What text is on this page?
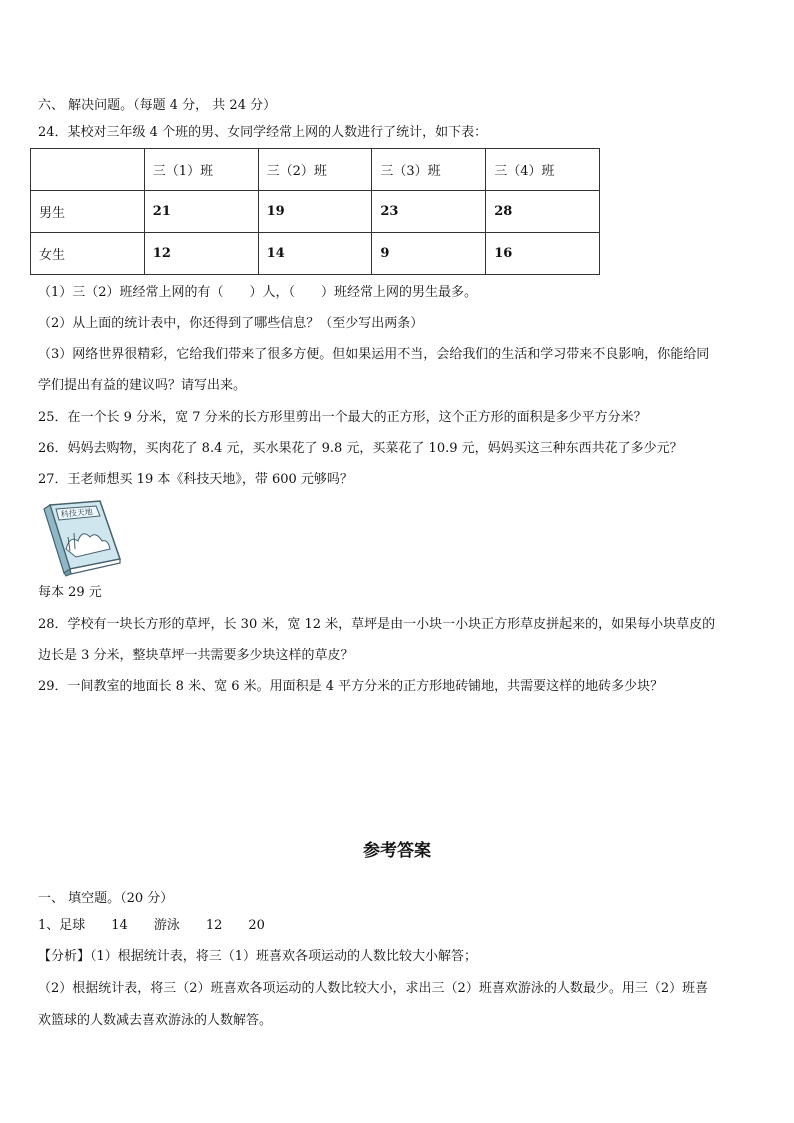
六、 解决问题。（每题 4 分， 共 24 分）
24．某校对三年级 4 个班的男、女同学经常上网的人数进行了统计，如下表：
	三（1）班	三（2）班	三（3）班	三（4）班
男生	21	19	23	28
女生	12	14	9	16
（1）三（2）班经常上网的有（　　）人，（　　）班经常上网的男生最多。
（2）从上面的统计表中，你还得到了哪些信息？（至少写出两条）
（3）网络世界很精彩，它给我们带来了很多方便。但如果运用不当，会给我们的生活和学习带来不良影响，你能给同
学们提出有益的建议吗？请写出来。
25．在一个长 9 分米，宽 7 分米的长方形里剪出一个最大的正方形，这个正方形的面积是多少平方分米？
26．妈妈去购物，买肉花了 8.4 元，买水果花了 9.8 元，买菜花了 10.9 元，妈妈买这三种东西共花了多少元？
27．王老师想买 19 本《科技天地》，带 600 元够吗？
科技天地
每本 29 元
28．学校有一块长方形的草坪，长 30 米，宽 12 米，草坪是由一小块一小块正方形草皮拼起来的，如果每小块草皮的
边长是 3 分米，整块草坪一共需要多少块这样的草皮？
29．一间教室的地面长 8 米、宽 6 米。用面积是 4 平方分米的正方形地砖铺地，共需要这样的地砖多少块？
参考答案
一、 填空题。（20 分）
1、足球 14 游泳 12 20
【分析】（1）根据统计表，将三（1）班喜欢各项运动的人数比较大小解答；
（2）根据统计表，将三（2）班喜欢各项运动的人数比较大小，求出三（2）班喜欢游泳的人数最少。用三（2）班喜
欢篮球的人数减去喜欢游泳的人数解答。
